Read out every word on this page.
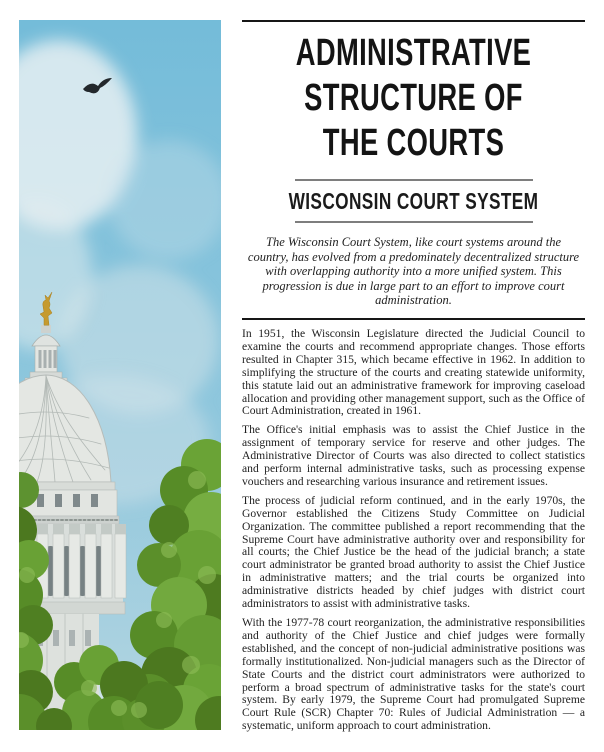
ADMINISTRATIVE
STRUCTURE OF
THE COURTS
WISCONSIN COURT SYSTEM

The Wisconsin Court System, like court systems around the country, has evolved from a predominately decentralized structure with overlapping authority into a more unified system. This progression is due in large part to an effort to improve court administration.

In 1951, the Wisconsin Legislature directed the Judicial Council to examine the courts and recommend appropriate changes. Those efforts resulted in Chapter 315, which became effective in 1962. In addition to simplifying the structure of the courts and creating statewide uniformity, this statute laid out an administrative framework for improving caseload allocation and providing other management support, such as the Office of Court Administration, created in 1961.

The Office's initial emphasis was to assist the Chief Justice in the assignment of temporary service for reserve and other judges. The Administrative Director of Courts was also directed to collect statistics and perform internal administrative tasks, such as processing expense vouchers and researching various insurance and retirement issues.

The process of judicial reform continued, and in the early 1970s, the Governor established the Citizens Study Committee on Judicial Organization. The committee published a report recommending that the Supreme Court have administrative authority over and responsibility for all courts; the Chief Justice be the head of the judicial branch; a state court administrator be granted broad authority to assist the Chief Justice in administrative matters; and the trial courts be organized into administrative districts headed by chief judges with district court administrators to assist with administrative tasks.

With the 1977-78 court reorganization, the administrative responsibilities and authority of the Chief Justice and chief judges were formally established, and the concept of non-judicial administrative positions was formally institutionalized. Non-judicial managers such as the Director of State Courts and the district court administrators were authorized to perform a broad spectrum of administrative tasks for the state's court system. By early 1979, the Supreme Court had promulgated Supreme Court Rule (SCR) Chapter 70: Rules of Judicial Administration — a systematic, uniform approach to court administration.
